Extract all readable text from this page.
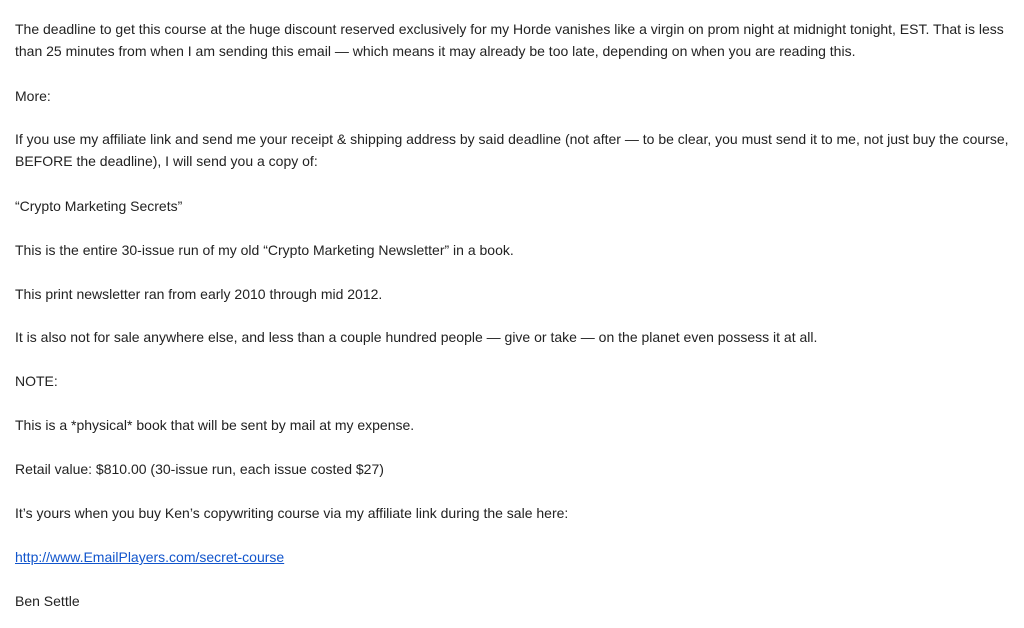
The deadline to get this course at the huge discount reserved exclusively for my Horde vanishes like a virgin on prom night at midnight tonight, EST. That is less than 25 minutes from when I am sending this email — which means it may already be too late, depending on when you are reading this.

More:

If you use my affiliate link and send me your receipt & shipping address by said deadline (not after — to be clear, you must send it to me, not just buy the course, BEFORE the deadline), I will send you a copy of:

“Crypto Marketing Secrets”

This is the entire 30-issue run of my old “Crypto Marketing Newsletter” in a book.

This print newsletter ran from early 2010 through mid 2012.

It is also not for sale anywhere else, and less than a couple hundred people — give or take — on the planet even possess it at all.

NOTE:

This is a *physical* book that will be sent by mail at my expense.

Retail value: $810.00 (30-issue run, each issue costed $27)

It’s yours when you buy Ken’s copywriting course via my affiliate link during the sale here:

http://www.EmailPlayers.com/secret-course

Ben Settle
